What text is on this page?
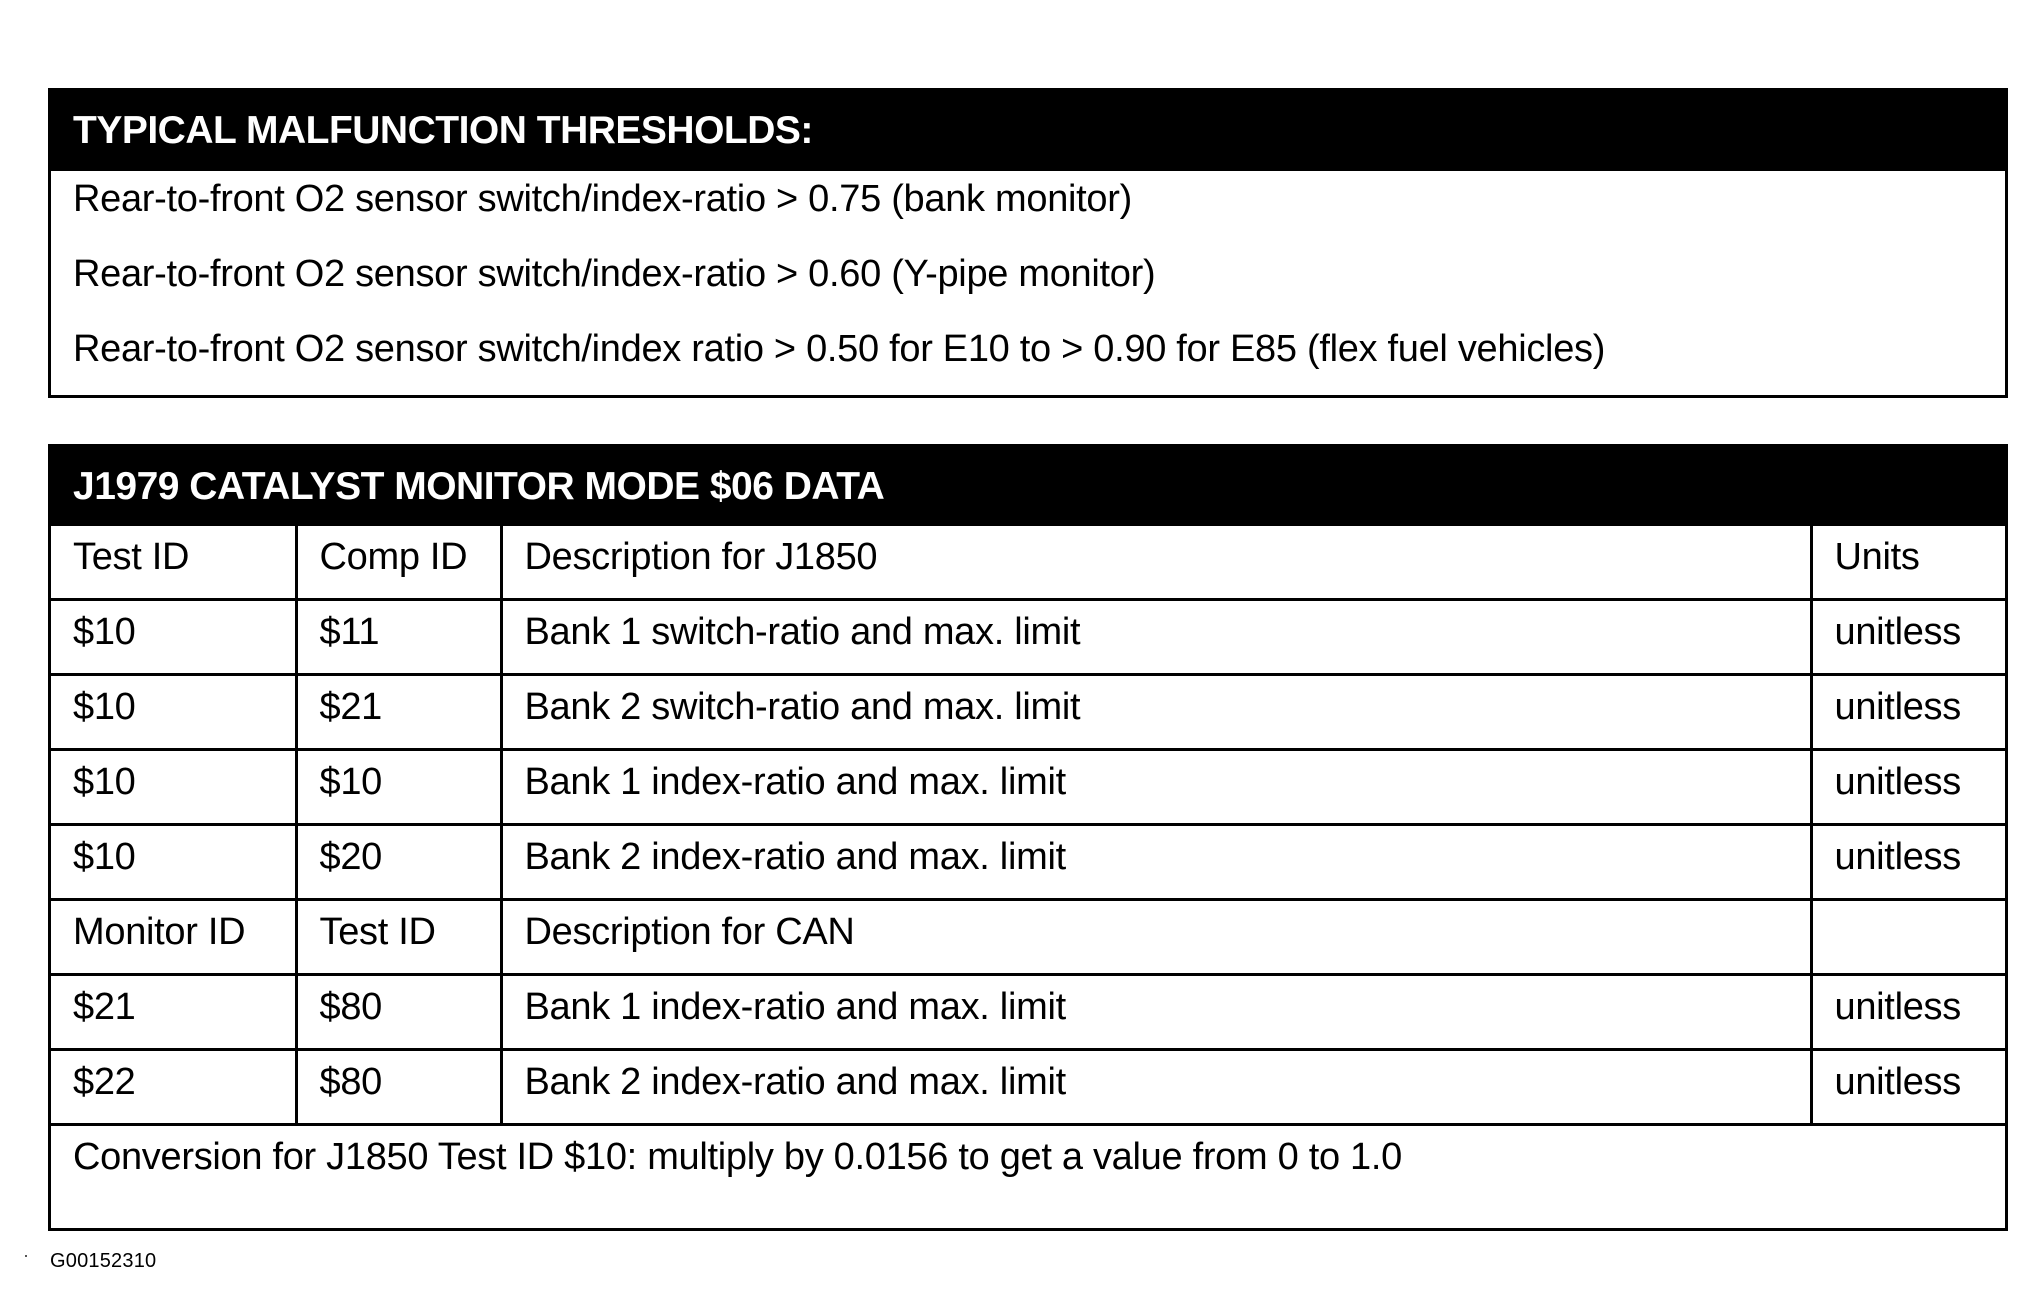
TYPICAL MALFUNCTION THRESHOLDS:
Rear-to-front O2 sensor switch/index-ratio > 0.75 (bank monitor)
Rear-to-front O2 sensor switch/index-ratio > 0.60 (Y-pipe monitor)
Rear-to-front O2 sensor switch/index ratio > 0.50 for E10 to > 0.90 for E85 (flex fuel vehicles)
J1979 CATALYST MONITOR MODE $06 DATA
Test ID	Comp ID	Description for J1850	Units
$10	$11	Bank 1 switch-ratio and max. limit	unitless
$10	$21	Bank 2 switch-ratio and max. limit	unitless
$10	$10	Bank 1 index-ratio and max. limit	unitless
$10	$20	Bank 2 index-ratio and max. limit	unitless
Monitor ID	Test ID	Description for CAN	
$21	$80	Bank 1 index-ratio and max. limit	unitless
$22	$80	Bank 2 index-ratio and max. limit	unitless
Conversion for J1850 Test ID $10: multiply by 0.0156 to get a value from 0 to 1.0			
G00152310
